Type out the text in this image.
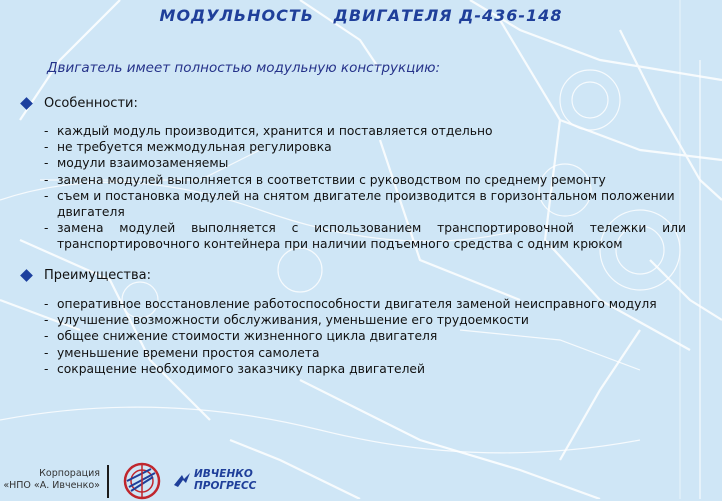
МОДУЛЬНОСТЬ   ДВИГАТЕЛЯ Д-436-148
Двигатель имеет полностью модульную конструкцию:
Особенности:
- каждый модуль производится, хранится и поставляется отдельно
- не требуется межмодульная регулировка
- модули взаимозаменяемы
- замена модулей выполняется в соответствии с руководством по среднему ремонту
- съем и постановка модулей на снятом двигателе производится в горизонтальном положении двигателя
- замена модулей выполняется с использованием транспортировочной тележки или транспортировочного контейнера при наличии подъемного средства с одним крюком
Преимущества:
- оперативное восстановление работоспособности двигателя заменой неисправного модуля
- улучшение возможности обслуживания, уменьшение его трудоемкости
- общее снижение стоимости жизненного цикла двигателя
- уменьшение времени простоя самолета
- сокращение необходимого заказчику парка двигателей
Корпорация
«НПО «А. Ивченко»
ИВЧЕНКО
ПРОГРЕСС
